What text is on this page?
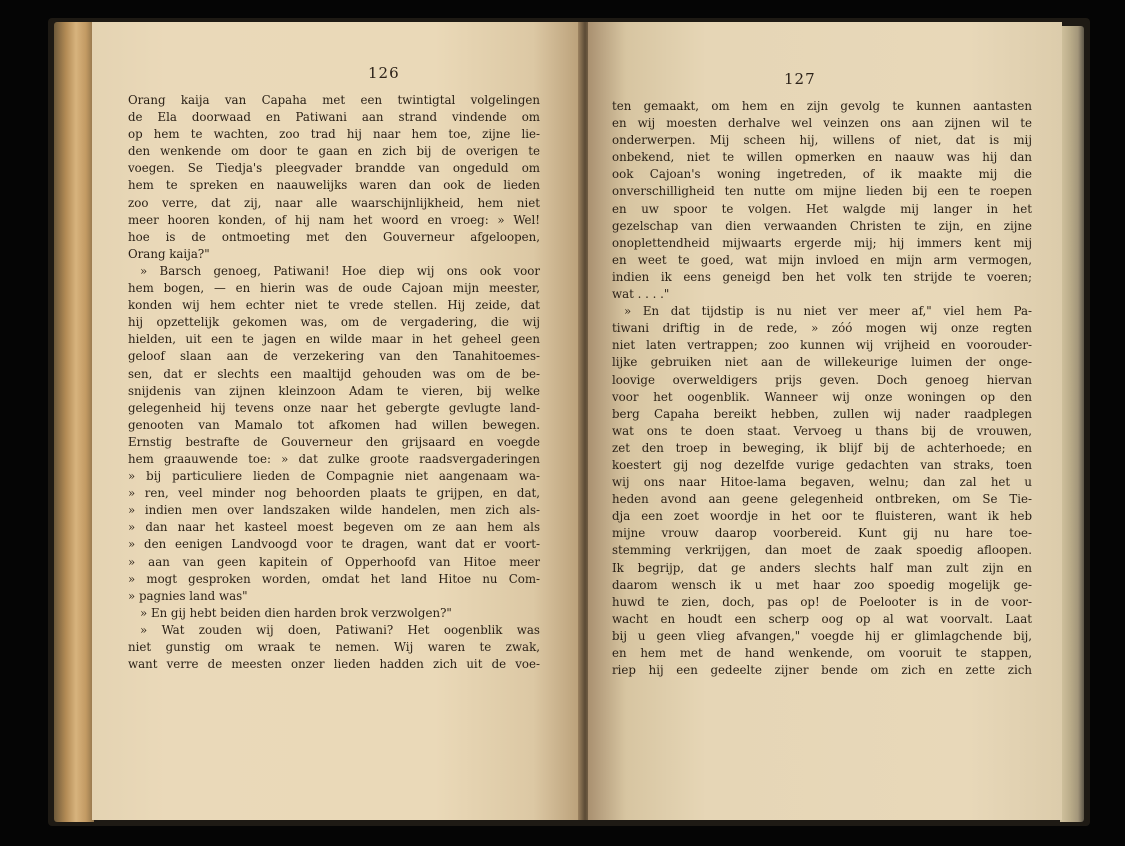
126
Orang kaija van Capaha met een twintigtal volgelingen
de Ela doorwaad en Patiwani aan strand vindende om
op hem te wachten, zoo trad hij naar hem toe, zijne lie-
den wenkende om door te gaan en zich bij de overigen te
voegen. Se Tiedja's pleegvader brandde van ongeduld om
hem te spreken en naauwelijks waren dan ook de lieden
zoo verre, dat zij, naar alle waarschijnlijkheid, hem niet
meer hooren konden, of hij nam het woord en vroeg: » Wel!
hoe is de ontmoeting met den Gouverneur afgeloopen,
Orang kaija?"
» Barsch genoeg, Patiwani! Hoe diep wij ons ook voor
hem bogen, — en hierin was de oude Cajoan mijn meester,
konden wij hem echter niet te vrede stellen. Hij zeide, dat
hij opzettelijk gekomen was, om de vergadering, die wij
hielden, uit een te jagen en wilde maar in het geheel geen
geloof slaan aan de verzekering van den Tanahitoemes-
sen, dat er slechts een maaltijd gehouden was om de be-
snijdenis van zijnen kleinzoon Adam te vieren, bij welke
gelegenheid hij tevens onze naar het gebergte gevlugte land-
genooten van Mamalo tot afkomen had willen bewegen.
Ernstig bestrafte de Gouverneur den grijsaard en voegde
hem graauwende toe: » dat zulke groote raadsvergaderingen
» bij particuliere lieden de Compagnie niet aangenaam wa-
» ren, veel minder nog behoorden plaats te grijpen, en dat,
» indien men over landszaken wilde handelen, men zich als-
» dan naar het kasteel moest begeven om ze aan hem als
» den eenigen Landvoogd voor te dragen, want dat er voort-
» aan van geen kapitein of Opperhoofd van Hitoe meer
» mogt gesproken worden, omdat het land Hitoe nu Com-
» pagnies land was"
» En gij hebt beiden dien harden brok verzwolgen?"
» Wat zouden wij doen, Patiwani? Het oogenblik was
niet gunstig om wraak te nemen. Wij waren te zwak,
want verre de meesten onzer lieden hadden zich uit de voe-
127
ten gemaakt, om hem en zijn gevolg te kunnen aantasten
en wij moesten derhalve wel veinzen ons aan zijnen wil te
onderwerpen. Mij scheen hij, willens of niet, dat is mij
onbekend, niet te willen opmerken en naauw was hij dan
ook Cajoan's woning ingetreden, of ik maakte mij die
onverschilligheid ten nutte om mijne lieden bij een te roepen
en uw spoor te volgen. Het walgde mij langer in het
gezelschap van dien verwaanden Christen te zijn, en zijne
onoplettendheid mijwaarts ergerde mij; hij immers kent mij
en weet te goed, wat mijn invloed en mijn arm vermogen,
indien ik eens geneigd ben het volk ten strijde te voeren;
wat . . . ."
» En dat tijdstip is nu niet ver meer af," viel hem Pa-
tiwani driftig in de rede, » zóó mogen wij onze regten
niet laten vertrappen; zoo kunnen wij vrijheid en voorouder-
lijke gebruiken niet aan de willekeurige luimen der onge-
loovige overweldigers prijs geven. Doch genoeg hiervan
voor het oogenblik. Wanneer wij onze woningen op den
berg Capaha bereikt hebben, zullen wij nader raadplegen
wat ons te doen staat. Vervoeg u thans bij de vrouwen,
zet den troep in beweging, ik blijf bij de achterhoede; en
koestert gij nog dezelfde vurige gedachten van straks, toen
wij ons naar Hitoe-lama begaven, welnu; dan zal het u
heden avond aan geene gelegenheid ontbreken, om Se Tie-
dja een zoet woordje in het oor te fluisteren, want ik heb
mijne vrouw daarop voorbereid. Kunt gij nu hare toe-
stemming verkrijgen, dan moet de zaak spoedig afloopen.
Ik begrijp, dat ge anders slechts half man zult zijn en
daarom wensch ik u met haar zoo spoedig mogelijk ge-
huwd te zien, doch, pas op! de Poelooter is in de voor-
wacht en houdt een scherp oog op al wat voorvalt. Laat
bij u geen vlieg afvangen," voegde hij er glimlagchende bij,
en hem met de hand wenkende, om vooruit te stappen,
riep hij een gedeelte zijner bende om zich en zette zich
